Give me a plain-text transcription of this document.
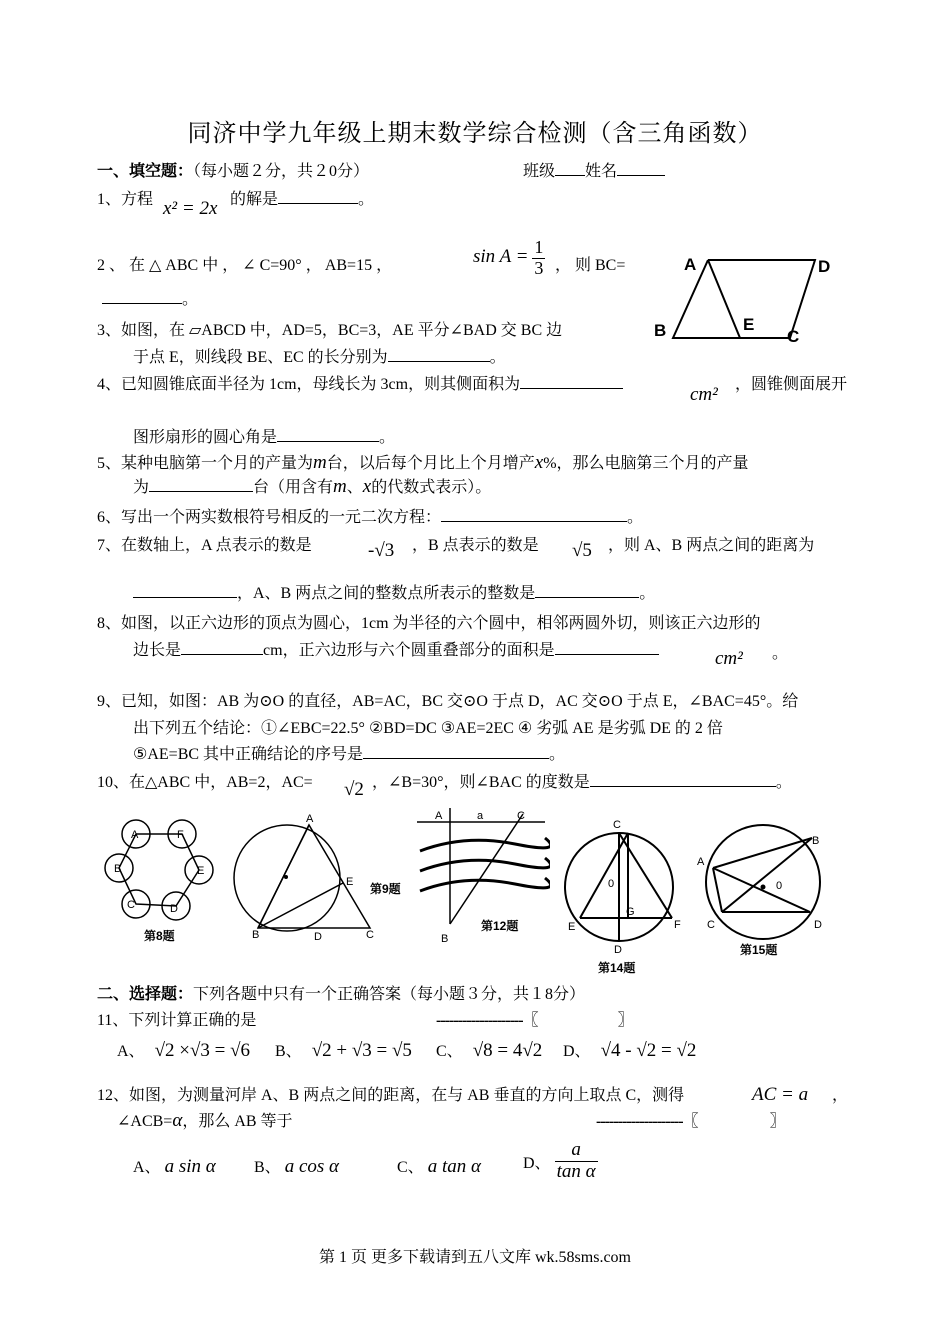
同济中学九年级上期末数学综合检测（含三角函数）
一、填空题：（每小题２分，共２0分）	班级 姓名
1、方程 x² = 2x 的解是	。
2 、 在 △ ABC 中 ， ∠ C=90° ， AB=15 ，	$\sin A = \frac{1}{3}$ ， 则 BC=
。
A	D
B	E
C
3、如图，在 ▱ABCD 中，AD=5，BC=3，AE 平分∠BAD 交 BC 边
于点 E，则线段 BE、EC 的长分别为	。
4、已知圆锥底面半径为 1cm，母线长为 3cm，则其侧面积为	cm² ，圆锥侧面展开
图形扇形的圆心角是	。
5、某种电脑第一个月的产量为m台，以后每个月比上个月增产x%，那么电脑第三个月的产量
为	台（用含有m、x的代数式表示）。
6、写出一个两实数根符号相反的一元二次方程：	。
7、在数轴上，A 点表示的数是	-√3 ，B 点表示的数是 √5 ，则 A、B 两点之间的距离为
，A、B 两点之间的整数点所表示的整数是	。
8、如图，以正六边形的顶点为圆心，1cm 为半径的六个圆中，相邻两圆外切，则该正六边形的
边长是	cm，正六边形与六个圆重叠部分的面积是	cm² 。
9、已知，如图：AB 为⊙O 的直径，AB=AC，BC 交⊙O 于点 D，AC 交⊙O 于点 E，∠BAC=45°。给
出下列五个结论：①∠EBC=22.5° ②BD=DC ③AE=2EC ④ 劣弧 AE 是劣弧 DE 的 2 倍
⑤AE=BC 其中正确结论的序号是	。
10、在△ABC 中，AB=2，AC= √2 ，∠B=30°，则∠BAC 的度数是	。
A	F
B	E
C	D
第8题
A
E
B	D	C
第9题
A	a	C
B
第12题
C
0
G
E	F
D
第14题
B
A
0
C	D
第15题
二、选择题：下列各题中只有一个正确答案（每小题３分，共１8分）
11、下列计算正确的是	--------------------〖	〗
A、 √2 ×√3 = √6 B、 √2 + √3 = √5 C、 √8 = 4√2 D、 √4 - √2 = √2
12、如图，为测量河岸 A、B 两点之间的距离，在与 AB 垂直的方向上取点 C，测得	AC = a ，
∠ACB=α，那么 AB 等于	--------------------〖	〗
A、 a sin α B、 a cos α	C、 a tan α	D、 $\frac{a}{\text{tan α}}$
第 1 页 更多下载请到五八文库 wk.58sms.com
